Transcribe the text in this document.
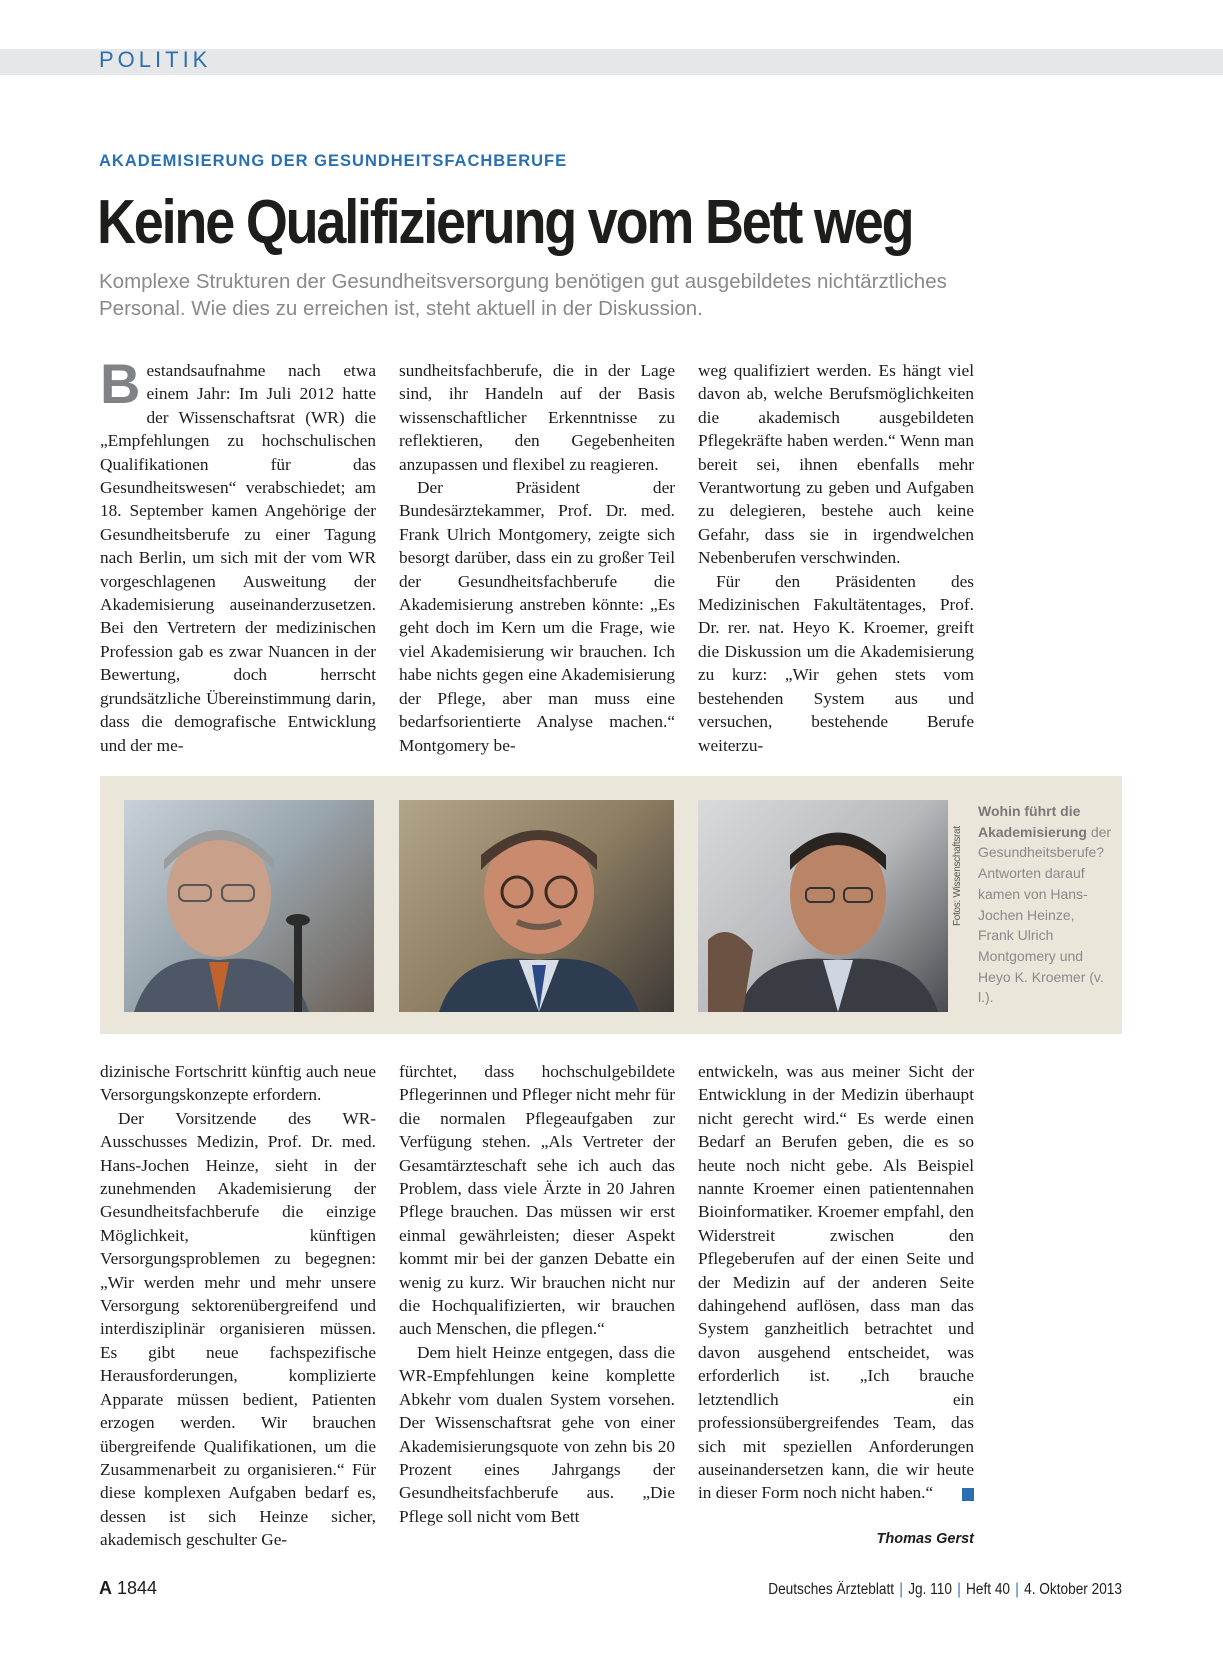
POLITIK
AKADEMISIERUNG DER GESUNDHEITSFACHBERUFE
Keine Qualifizierung vom Bett weg
Komplexe Strukturen der Gesundheitsversorgung benötigen gut ausgebildetes nichtärztliches Personal. Wie dies zu erreichen ist, steht aktuell in der Diskussion.

Bestandsaufnahme nach etwa einem Jahr: Im Juli 2012 hatte der Wissenschaftsrat (WR) die „Empfehlungen zu hochschulischen Qualifikationen für das Gesundheitswesen“ verabschiedet; am 18. September kamen Angehörige der Gesundheitsberufe zu einer Tagung nach Berlin, um sich mit der vom WR vorgeschlagenen Ausweitung der Akademisierung auseinanderzusetzen. Bei den Vertretern der medizinischen Profession gab es zwar Nuancen in der Bewertung, doch herrscht grundsätzliche Übereinstimmung darin, dass die demografische Entwicklung und der me-

sundheitsfachberufe, die in der Lage sind, ihr Handeln auf der Basis wissenschaftlicher Erkenntnisse zu reflektieren, den Gegebenheiten anzupassen und flexibel zu reagieren.

Der Präsident der Bundesärztekammer, Prof. Dr. med. Frank Ulrich Montgomery, zeigte sich besorgt darüber, dass ein zu großer Teil der Gesundheitsfachberufe die Akademisierung anstreben könnte: „Es geht doch im Kern um die Frage, wie viel Akademisierung wir brauchen. Ich habe nichts gegen eine Akademisierung der Pflege, aber man muss eine bedarfsorientierte Analyse machen.“ Montgomery be-

weg qualifiziert werden. Es hängt viel davon ab, welche Berufsmöglichkeiten die akademisch ausgebildeten Pflegekräfte haben werden.“ Wenn man bereit sei, ihnen ebenfalls mehr Verantwortung zu geben und Aufgaben zu delegieren, bestehe auch keine Gefahr, dass sie in irgendwelchen Nebenberufen verschwinden.

Für den Präsidenten des Medizinischen Fakultätentages, Prof. Dr. rer. nat. Heyo K. Kroemer, greift die Diskussion um die Akademisierung zu kurz: „Wir gehen stets vom bestehenden System aus und versuchen, bestehende Berufe weiterzu-

Fotos: Wissenschaftsrat
Wohin führt die Akademisierung der Gesundheitsberufe? Antworten darauf kamen von Hans-Jochen Heinze, Frank Ulrich Montgomery und Heyo K. Kroemer (v. l.).

dizinische Fortschritt künftig auch neue Versorgungskonzepte erfordern.

Der Vorsitzende des WR-Ausschusses Medizin, Prof. Dr. med. Hans-Jochen Heinze, sieht in der zunehmenden Akademisierung der Gesundheitsfachberufe die einzige Möglichkeit, künftigen Versorgungsproblemen zu begegnen: „Wir werden mehr und mehr unsere Versorgung sektorenübergreifend und interdisziplinär organisieren müssen. Es gibt neue fachspezifische Herausforderungen, komplizierte Apparate müssen bedient, Patienten erzogen werden. Wir brauchen übergreifende Qualifikationen, um die Zusammenarbeit zu organisieren.“ Für diese komplexen Aufgaben bedarf es, dessen ist sich Heinze sicher, akademisch geschulter Ge-

fürchtet, dass hochschulgebildete Pflegerinnen und Pfleger nicht mehr für die normalen Pflegeaufgaben zur Verfügung stehen. „Als Vertreter der Gesamtärzteschaft sehe ich auch das Problem, dass viele Ärzte in 20 Jahren Pflege brauchen. Das müssen wir erst einmal gewährleisten; dieser Aspekt kommt mir bei der ganzen Debatte ein wenig zu kurz. Wir brauchen nicht nur die Hochqualifizierten, wir brauchen auch Menschen, die pflegen.“

Dem hielt Heinze entgegen, dass die WR-Empfehlungen keine komplette Abkehr vom dualen System vorsehen. Der Wissenschaftsrat gehe von einer Akademisierungsquote von zehn bis 20 Prozent eines Jahrgangs der Gesundheitsfachberufe aus. „Die Pflege soll nicht vom Bett

entwickeln, was aus meiner Sicht der Entwicklung in der Medizin überhaupt nicht gerecht wird.“ Es werde einen Bedarf an Berufen geben, die es so heute noch nicht gebe. Als Beispiel nannte Kroemer einen patientennahen Bioinformatiker. Kroemer empfahl, den Widerstreit zwischen den Pflegeberufen auf der einen Seite und der Medizin auf der anderen Seite dahingehend auflösen, dass man das System ganzheitlich betrachtet und davon ausgehend entscheidet, was erforderlich ist. „Ich brauche letztendlich ein professionsübergreifendes Team, das sich mit speziellen Anforderungen auseinandersetzen kann, die wir heute in dieser Form noch nicht haben.“

Thomas Gerst
A 1844	Deutsches Ärzteblatt | Jg. 110 | Heft 40 | 4. Oktober 2013
